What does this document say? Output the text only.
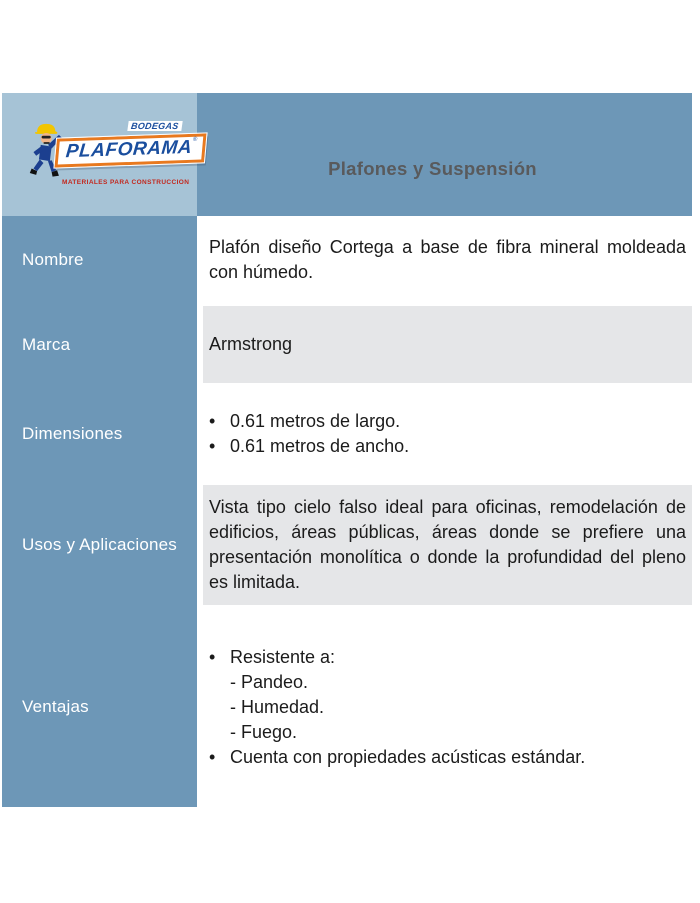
BODEGAS
PLAFORAMA®
MATERIALES PARA CONSTRUCCION
Plafones y Suspensión
Nombre
Marca
Dimensiones
Usos y Aplicaciones
Ventajas

Plafón diseño Cortega a base de fibra mineral moldeada con húmedo.

Armstrong

• 0.61 metros de largo.
• 0.61 metros de ancho.

Vista tipo cielo falso ideal para oficinas, remodelación de edificios, áreas públicas, áreas donde se prefiere una presentación monolítica o donde la profundidad del pleno es limitada.

• Resistente a:
- Pandeo.
- Humedad.
- Fuego.
• Cuenta con propiedades acústicas estándar.
